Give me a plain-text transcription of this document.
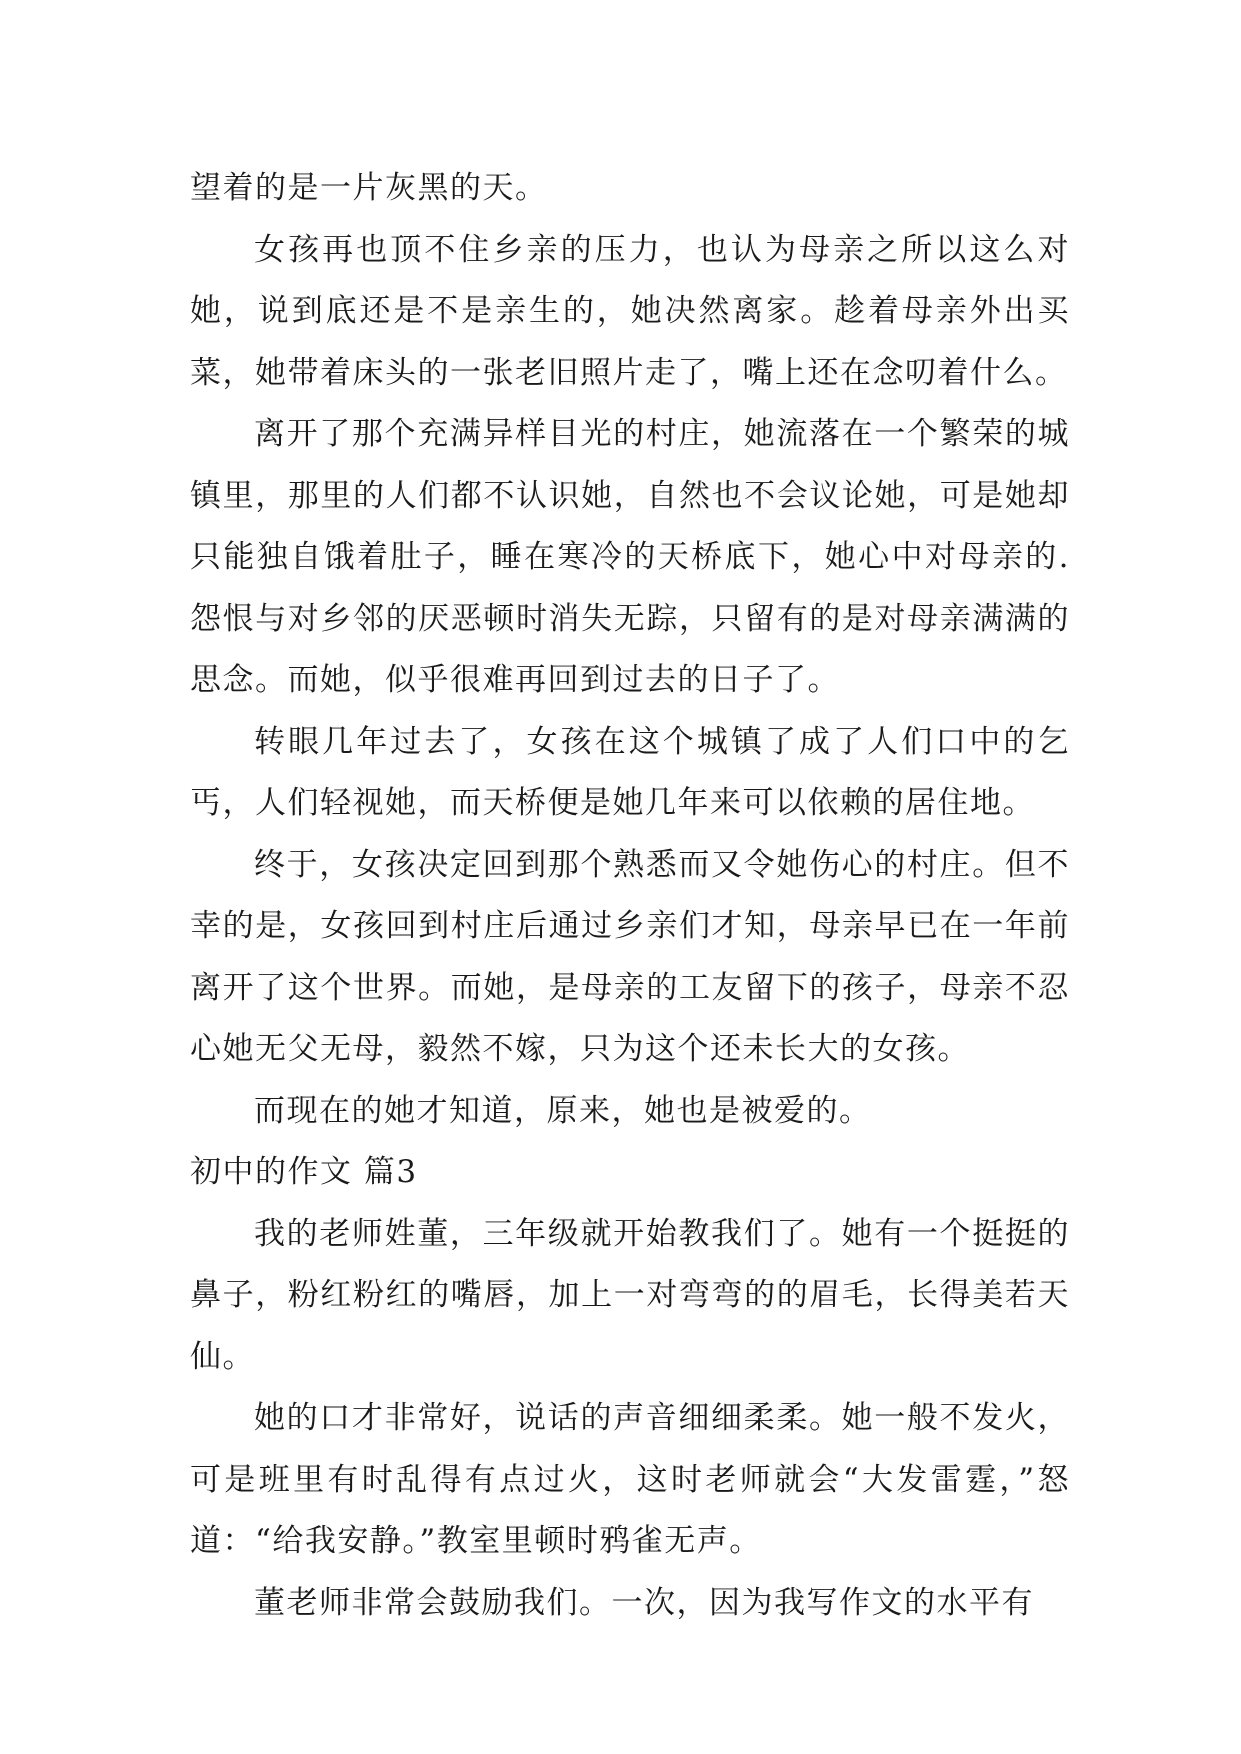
望着的是一片灰黑的天。

女孩再也顶不住乡亲的压力，也认为母亲之所以这么对她，说到底还是不是亲生的，她决然离家。趁着母亲外出买菜，她带着床头的一张老旧照片走了，嘴上还在念叨着什么。

离开了那个充满异样目光的村庄，她流落在一个繁荣的城镇里，那里的人们都不认识她，自然也不会议论她，可是她却只能独自饿着肚子，睡在寒冷的天桥底下，她心中对母亲的.怨恨与对乡邻的厌恶顿时消失无踪，只留有的是对母亲满满的思念。而她，似乎很难再回到过去的日子了。

转眼几年过去了，女孩在这个城镇了成了人们口中的乞丐，人们轻视她，而天桥便是她几年来可以依赖的居住地。

终于，女孩决定回到那个熟悉而又令她伤心的村庄。但不幸的是，女孩回到村庄后通过乡亲们才知，母亲早已在一年前离开了这个世界。而她，是母亲的工友留下的孩子，母亲不忍心她无父无母，毅然不嫁，只为这个还未长大的女孩。

而现在的她才知道，原来，她也是被爱的。

初中的作文 篇3

我的老师姓董，三年级就开始教我们了。她有一个挺挺的鼻子，粉红粉红的嘴唇，加上一对弯弯的的眉毛，长得美若天仙。

她的口才非常好，说话的声音细细柔柔。她一般不发火，可是班里有时乱得有点过火，这时老师就会“大发雷霆，”怒道：“给我安静。”教室里顿时鸦雀无声。

董老师非常会鼓励我们。一次，因为我写作文的水平有
